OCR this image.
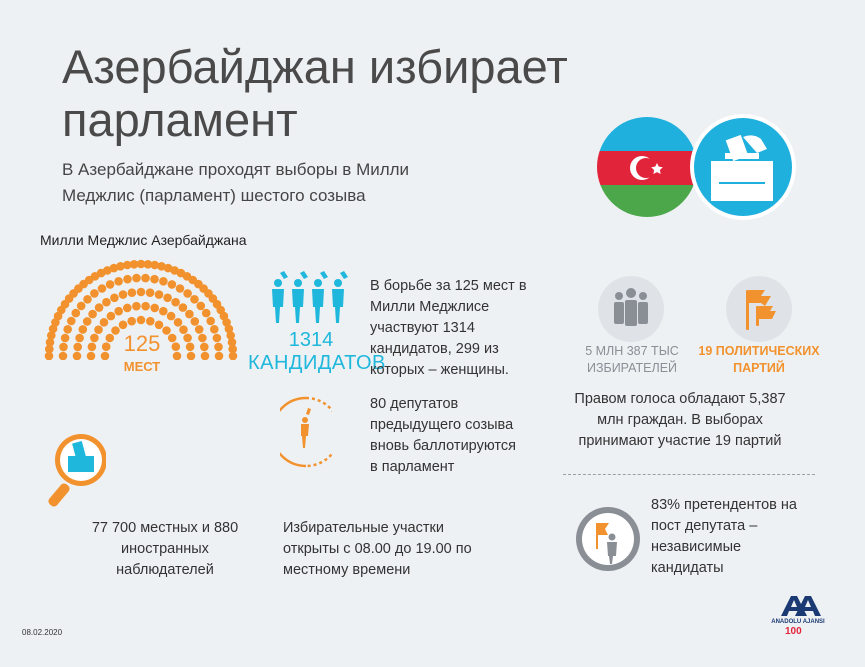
Азербайджан избирает парламент
В Азербайджане проходят выборы в Милли Меджлис (парламент) шестого созыва
Милли Меджлис Азербайджана
125
МЕСТ
1314
КАНДИДАТОВ
В борьбе за 125 мест в Милли Меджлисе участвуют 1314 кандидатов, 299 из которых – женщины.
5 МЛН 387 ТЫС
ИЗБИРАТЕЛЕЙ
19 ПОЛИТИЧЕСКИХ
ПАРТИЙ
Правом голоса обладают 5,387 млн граждан. В выборах принимают участие 19 партий
80 депутатов предыдущего созыва вновь баллотируются в парламент
77 700 местных и 880 иностранных наблюдателей
Избирательные участки открыты с 08.00 до 19.00 по местному времени
83% претендентов на пост депутата – независимые кандидаты
08.02.2020
ANADOLU AJANSI
100
